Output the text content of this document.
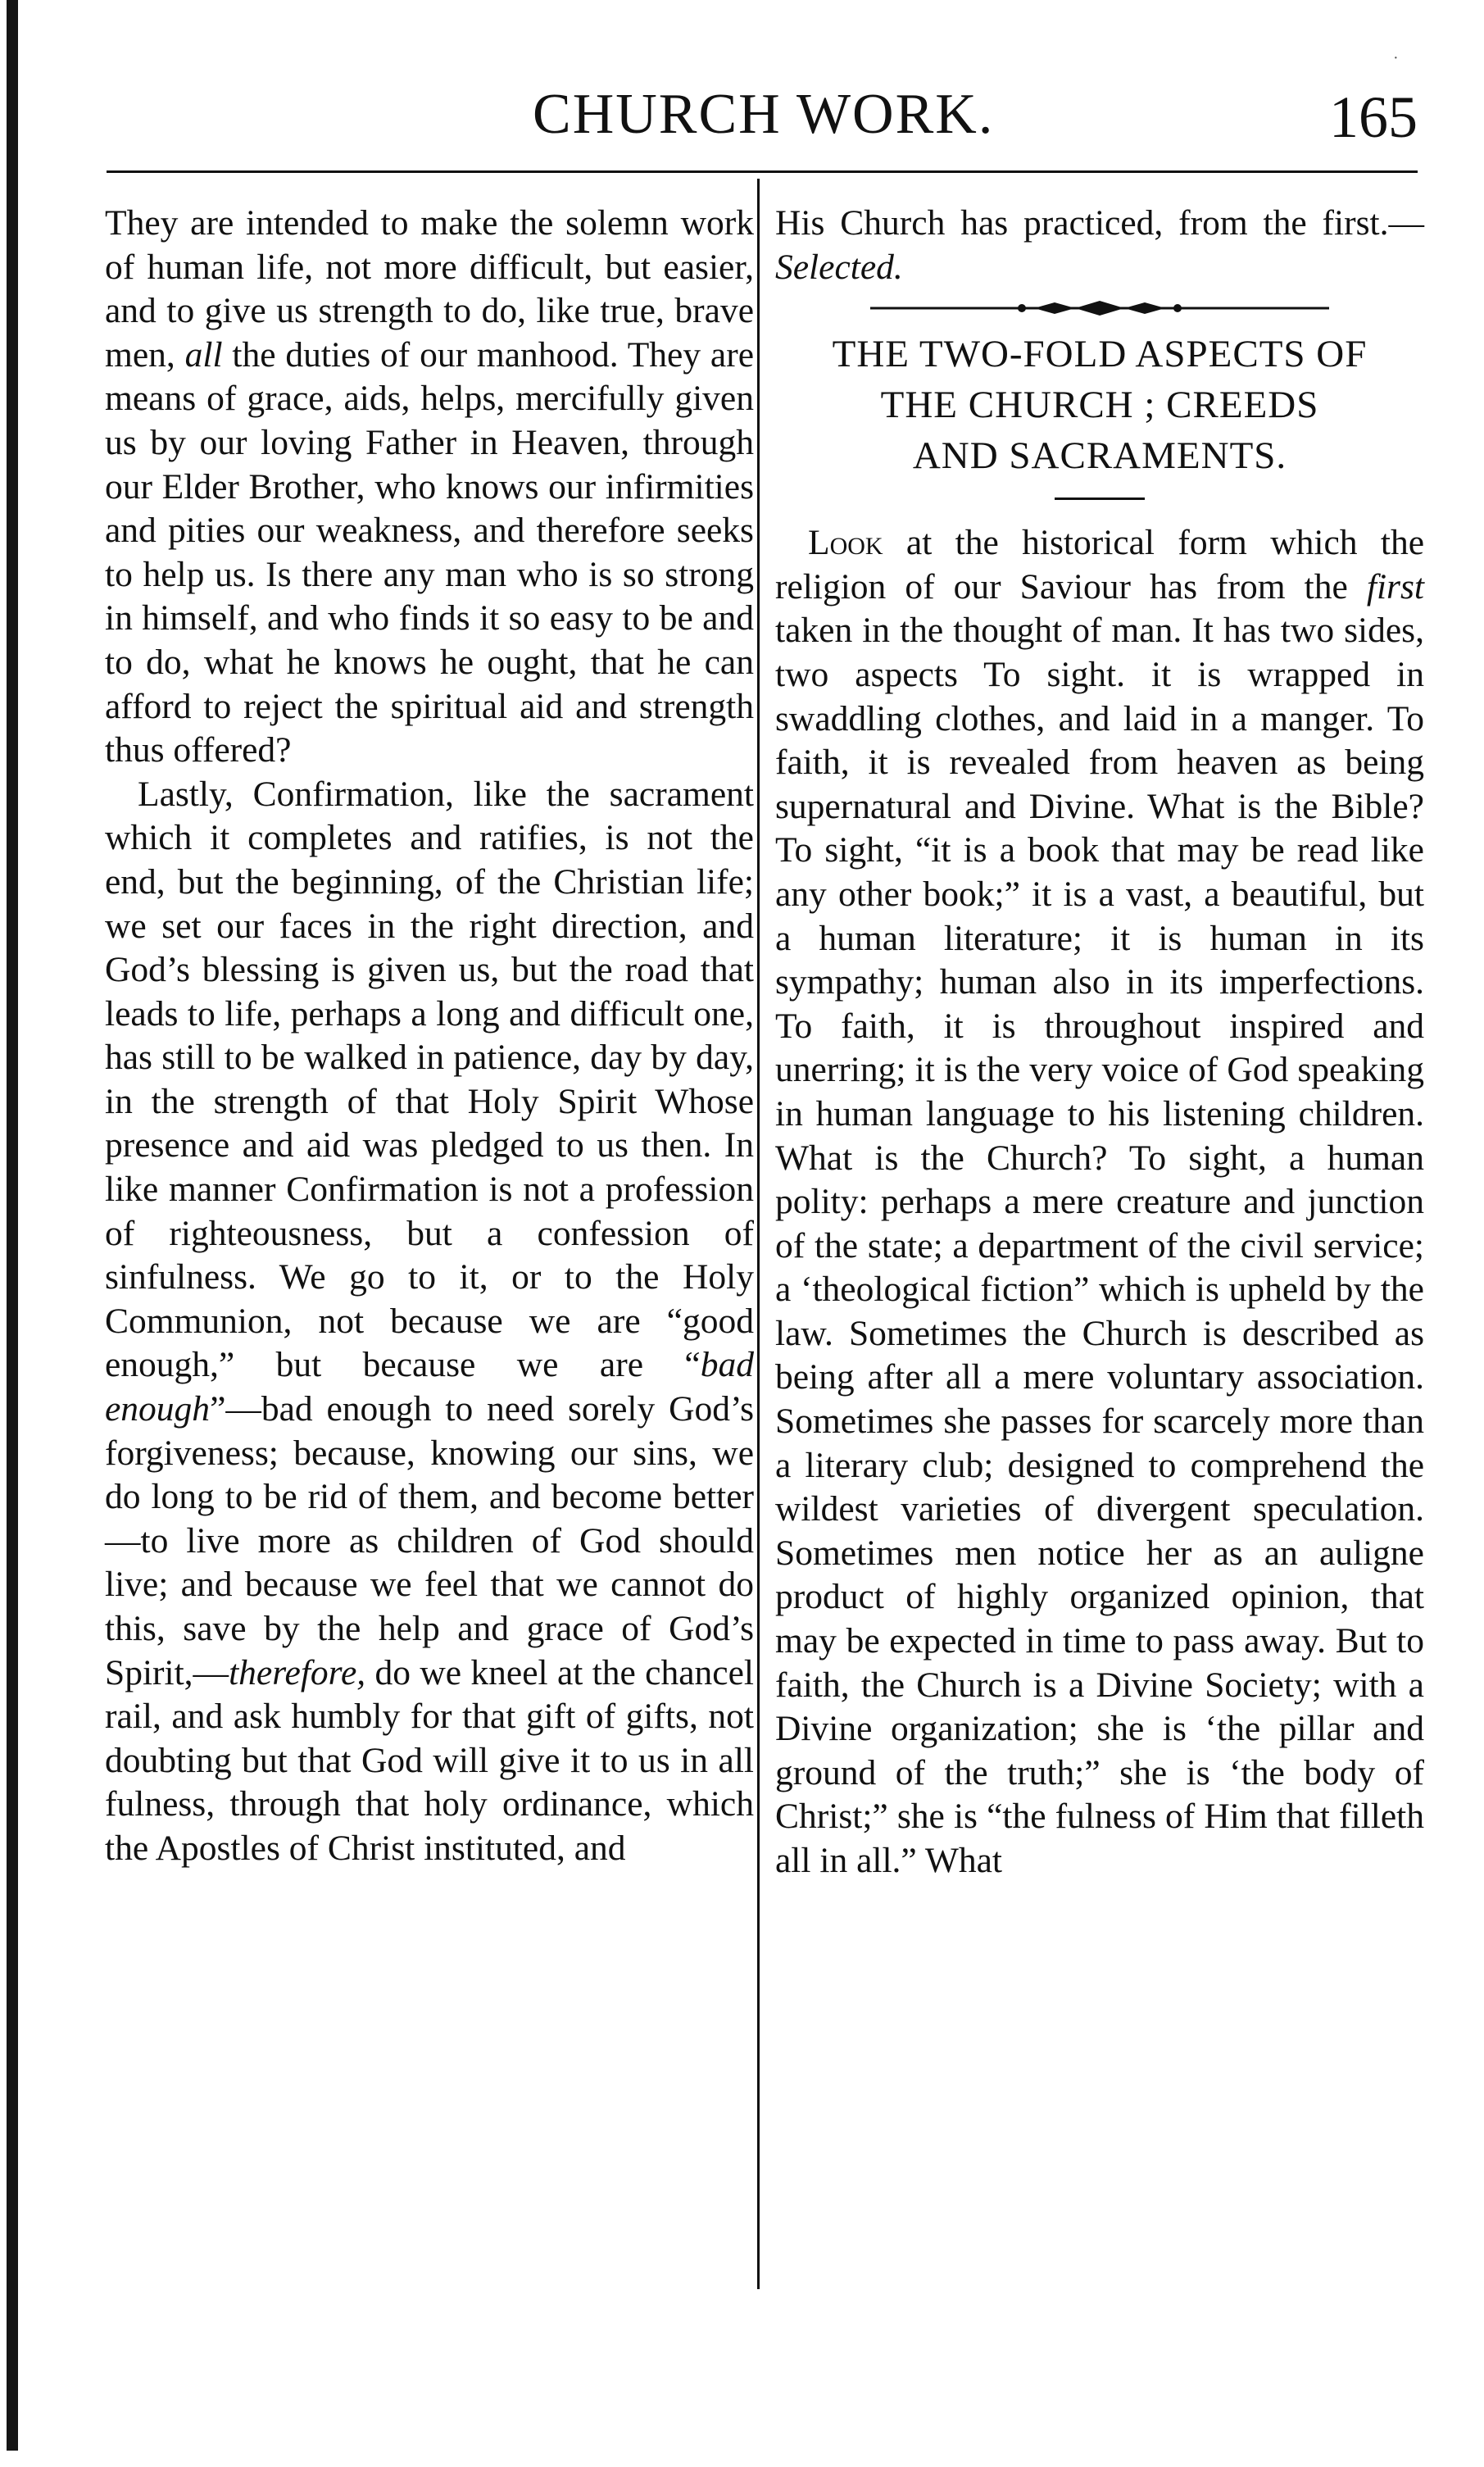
·
CHURCH WORK.	165

They are intended to make the solemn work of human life, not more difficult, but easier, and to give us strength to do, like true, brave men, all the duties of our manhood. They are means of grace, aids, helps, mercifully given us by our loving Father in Heaven, through our Elder Brother, who knows our infirmities and pities our weakness, and therefore seeks to help us. Is there any man who is so strong in himself, and who finds it so easy to be and to do, what he knows he ought, that he can afford to reject the spiritual aid and strength thus offered?

Lastly, Confirmation, like the sacrament which it completes and ratifies, is not the end, but the beginning, of the Christian life; we set our faces in the right direction, and God’s blessing is given us, but the road that leads to life, perhaps a long and difficult one, has still to be walked in patience, day by day, in the strength of that Holy Spirit Whose presence and aid was pledged to us then. In like manner Confirmation is not a profession of righteousness, but a confession of sinfulness. We go to it, or to the Holy Communion, not because we are “good enough,” but because we are “bad enough”—bad enough to need sorely God’s forgiveness; because, knowing our sins, we do long to be rid of them, and become better —to live more as children of God should live; and because we feel that we cannot do this, save by the help and grace of God’s Spirit,—therefore, do we kneel at the chancel rail, and ask humbly for that gift of gifts, not doubting but that God will give it to us in all fulness, through that holy ordinance, which the Apostles of Christ instituted, and

His Church has practiced, from the first.—Selected.

THE TWO-FOLD ASPECTS OF

THE CHURCH ; CREEDS

AND SACRAMENTS.

Look at the historical form which the religion of our Saviour has from the first taken in the thought of man. It has two sides, two aspects To sight. it is wrapped in swaddling clothes, and laid in a manger. To faith, it is revealed from heaven as being supernatural and Divine. What is the Bible? To sight, “it is a book that may be read like any other book;” it is a vast, a beautiful, but a human literature; it is human in its sympathy; human also in its imperfections. To faith, it is throughout inspired and unerring; it is the very voice of God speaking in human language to his listening children. What is the Church? To sight, a human polity: perhaps a mere creature and junction of the state; a department of the civil service; a ‘theological fiction” which is upheld by the law. Sometimes the Church is described as being after all a mere voluntary association. Sometimes she passes for scarcely more than a literary club; designed to comprehend the wildest varieties of divergent speculation. Sometimes men notice her as an auligne product of highly organized opinion, that may be expected in time to pass away. But to faith, the Church is a Divine Society; with a Divine organization; she is ‘the pillar and ground of the truth;” she is ‘the body of Christ;” she is “the fulness of Him that filleth all in all.” What
